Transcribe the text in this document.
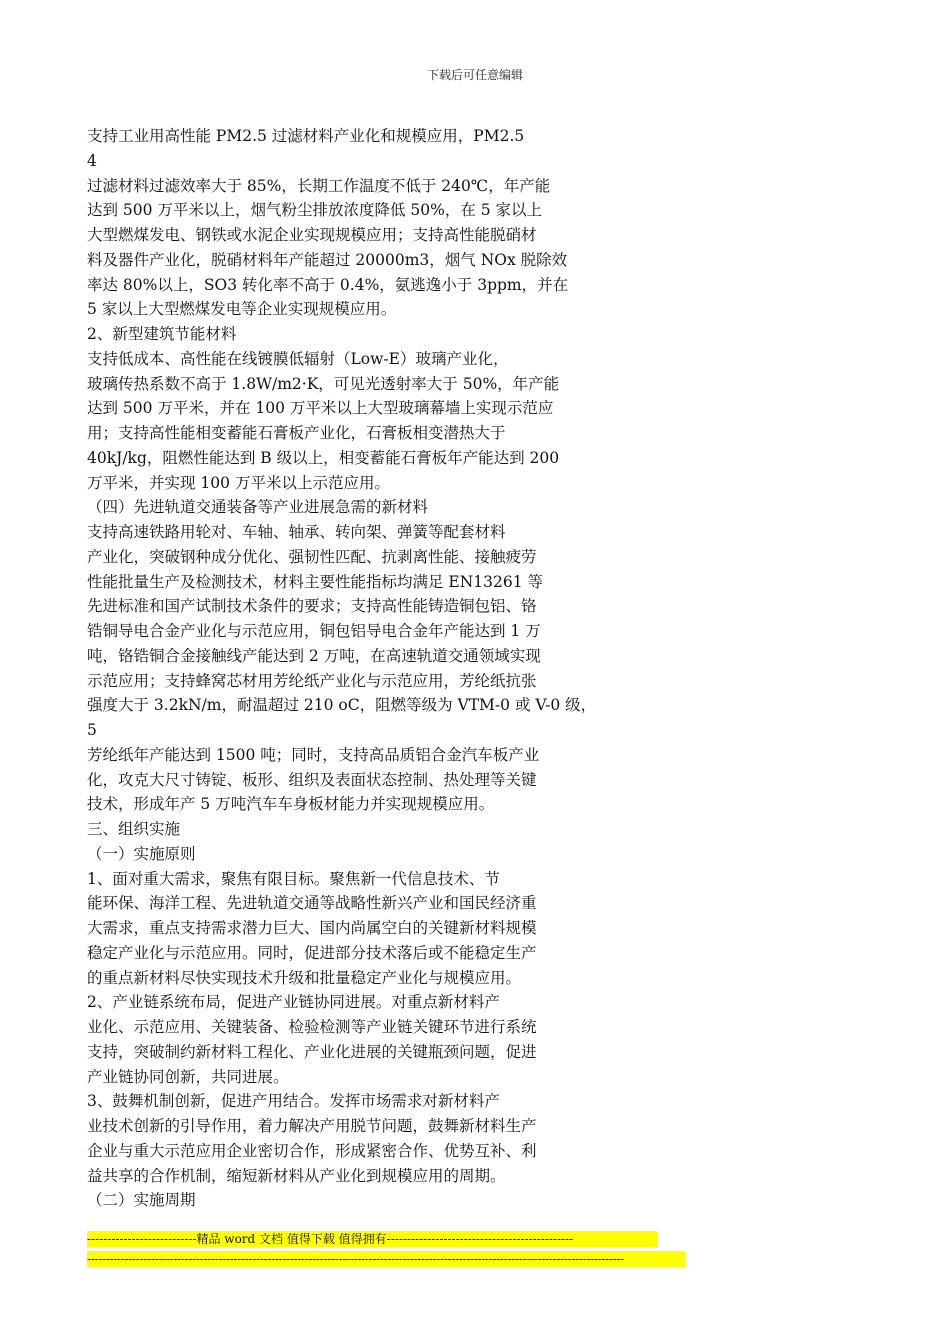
下载后可任意编辑
支持工业用高性能 PM2.5 过滤材料产业化和规模应用，PM2.5
4
过滤材料过滤效率大于 85%，长期工作温度不低于 240℃，年产能
达到 500 万平米以上，烟气粉尘排放浓度降低 50%，在 5 家以上
大型燃煤发电、钢铁或水泥企业实现规模应用；支持高性能脱硝材
料及器件产业化，脱硝材料年产能超过 20000m3，烟气 NOx 脱除效
率达 80%以上，SO3 转化率不高于 0.4%，氨逃逸小于 3ppm，并在
5 家以上大型燃煤发电等企业实现规模应用。
2、新型建筑节能材料
支持低成本、高性能在线镀膜低辐射（Low-E）玻璃产业化，
玻璃传热系数不高于 1.8W/m2·K，可见光透射率大于 50%，年产能
达到 500 万平米，并在 100 万平米以上大型玻璃幕墙上实现示范应
用；支持高性能相变蓄能石膏板产业化，石膏板相变潜热大于
40kJ/kg，阻燃性能达到 B 级以上，相变蓄能石膏板年产能达到 200
万平米，并实现 100 万平米以上示范应用。
（四）先进轨道交通装备等产业进展急需的新材料
支持高速铁路用轮对、车轴、轴承、转向架、弹簧等配套材料
产业化，突破钢种成分优化、强韧性匹配、抗剥离性能、接触疲劳
性能批量生产及检测技术，材料主要性能指标均满足 EN13261 等
先进标准和国产试制技术条件的要求；支持高性能铸造铜包铝、铬
锆铜导电合金产业化与示范应用，铜包铝导电合金年产能达到 1 万
吨，铬锆铜合金接触线产能达到 2 万吨，在高速轨道交通领域实现
示范应用；支持蜂窝芯材用芳纶纸产业化与示范应用，芳纶纸抗张
强度大于 3.2kN/m，耐温超过 210 oC，阻燃等级为 VTM-0 或 V-0 级，
5
芳纶纸年产能达到 1500 吨；同时，支持高品质铝合金汽车板产业
化，攻克大尺寸铸锭、板形、组织及表面状态控制、热处理等关键
技术，形成年产 5 万吨汽车车身板材能力并实现规模应用。
三、组织实施
（一）实施原则
1、面对重大需求，聚焦有限目标。聚焦新一代信息技术、节
能环保、海洋工程、先进轨道交通等战略性新兴产业和国民经济重
大需求，重点支持需求潜力巨大、国内尚属空白的关键新材料规模
稳定产业化与示范应用。同时，促进部分技术落后或不能稳定生产
的重点新材料尽快实现技术升级和批量稳定产业化与规模应用。
2、产业链系统布局，促进产业链协同进展。对重点新材料产
业化、示范应用、关键装备、检验检测等产业链关键环节进行系统
支持，突破制约新材料工程化、产业化进展的关键瓶颈问题，促进
产业链协同创新，共同进展。
3、鼓舞机制创新，促进产用结合。发挥市场需求对新材料产
业技术创新的引导作用，着力解决产用脱节问题，鼓舞新材料生产
企业与重大示范应用企业密切合作，形成紧密合作、优势互补、利
益共享的合作机制，缩短新材料从产业化到规模应用的周期。
（二）实施周期
---------------------------精品 word 文档 值得下载 值得拥有----------------------------------------------
-----------------------------------------------------------------------------------------------------------------------------------------------
